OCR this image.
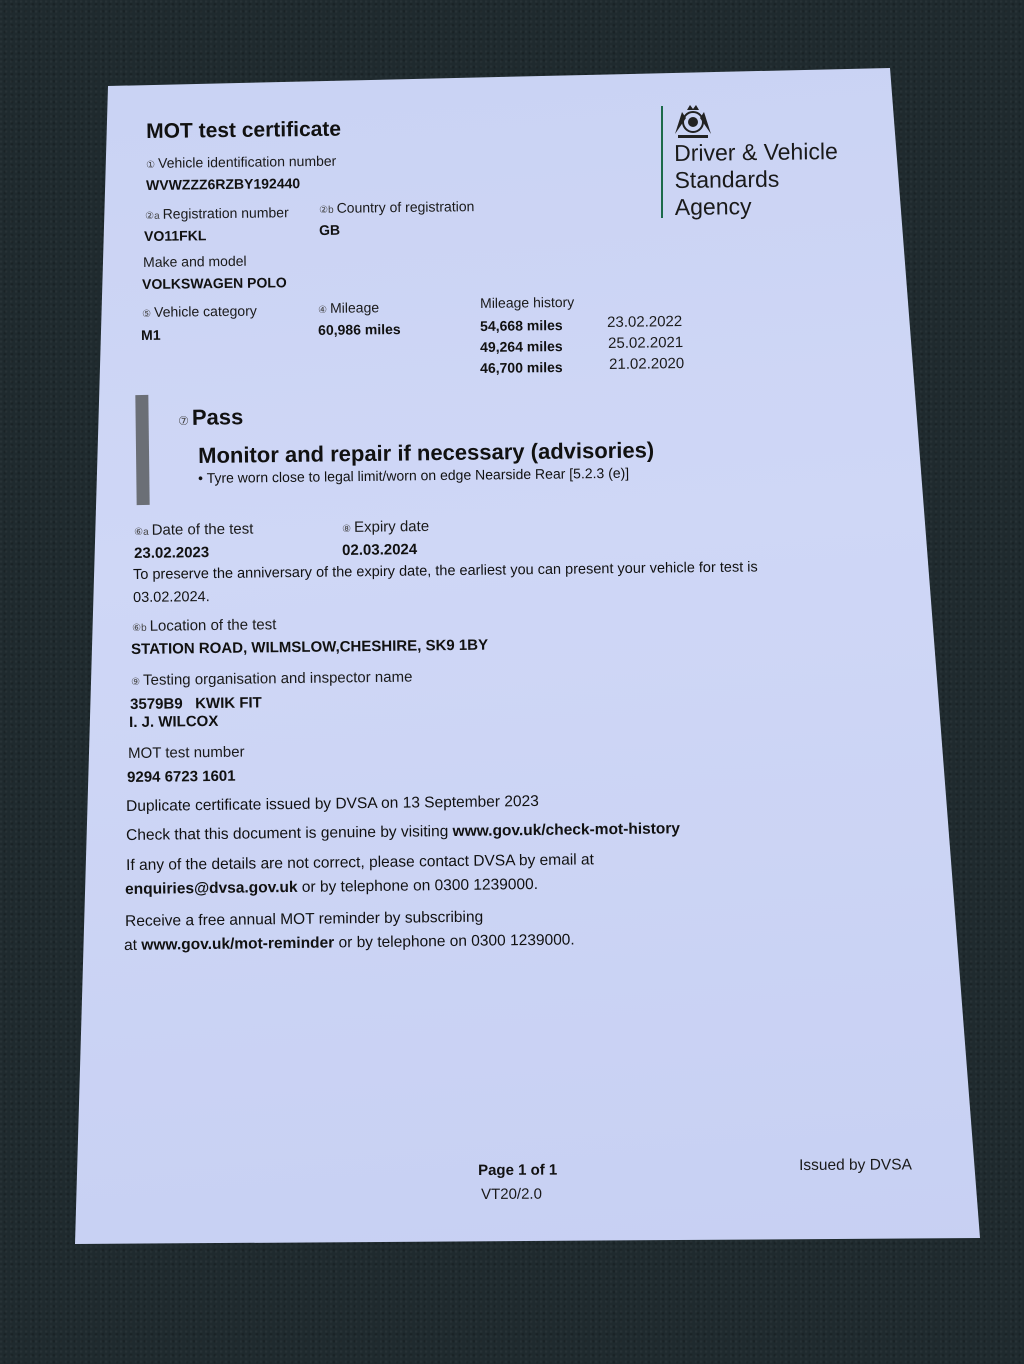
MOT test certificate
Driver & Vehicle
Standards
Agency
① Vehicle identification number
WVWZZZ6RZBY192440
②a Registration number
VO11FKL
②b Country of registration
GB
Make and model
VOLKSWAGEN POLO
⑤ Vehicle category
M1
④ Mileage
60,986 miles
Mileage history
54,668 miles	23.02.2022
49,264 miles	25.02.2021
46,700 miles	21.02.2020
⑦ Pass
Monitor and repair if necessary (advisories)
• Tyre worn close to legal limit/worn on edge Nearside Rear [5.2.3 (e)]
⑥a Date of the test
23.02.2023
⑧ Expiry date
02.03.2024
To preserve the anniversary of the expiry date, the earliest you can present your vehicle for test is
03.02.2024.
⑥b Location of the test
STATION ROAD, WILMSLOW,CHESHIRE, SK9 1BY
⑨ Testing organisation and inspector name
3579B9   KWIK FIT
I. J. WILCOX
MOT test number
9294 6723 1601
Duplicate certificate issued by DVSA on 13 September 2023
Check that this document is genuine by visiting www.gov.uk/check-mot-history
If any of the details are not correct, please contact DVSA by email at
enquiries@dvsa.gov.uk or by telephone on 0300 1239000.
Receive a free annual MOT reminder by subscribing
at www.gov.uk/mot-reminder or by telephone on 0300 1239000.
Page 1 of 1
VT20/2.0
Issued by DVSA
